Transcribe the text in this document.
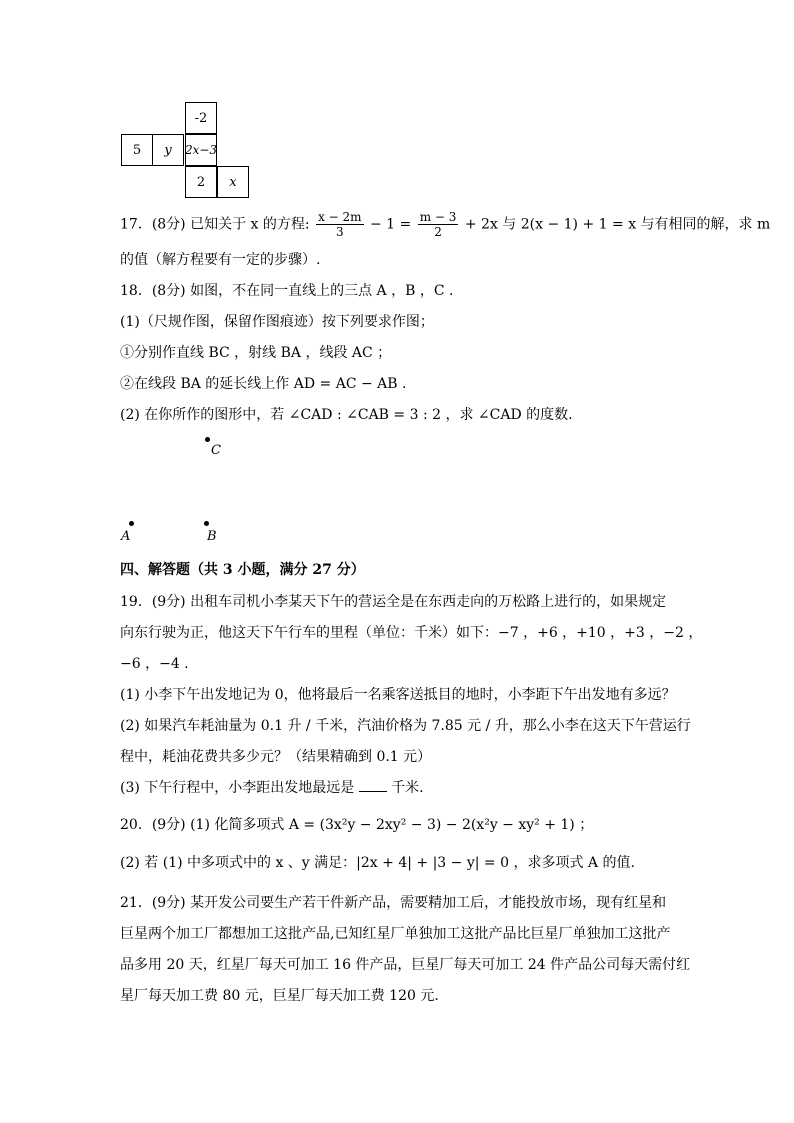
-2
5	y	2x−3
2	x
17．(8分) 已知关于 x 的方程: $\frac{x - 2m}{3} - 1 = \frac{m - 3}{2} + 2x$ 与 2(x − 1) + 1 = x 与有相同的解，求 m
的值（解方程要有一定的步骤）.
18．(8分) 如图，不在同一直线上的三点 A ，B ，C .
(1)（尺规作图，保留作图痕迹）按下列要求作图；
①分别作直线 BC ，射线 BA ，线段 AC ；
②在线段 BA 的延长线上作 AD = AC − AB .
(2) 在你所作的图形中，若 ∠CAD : ∠CAB = 3 : 2 ，求 ∠CAD 的度数.
C
A	B
四、解答题（共 3 小题，满分 27 分）
19．(9分) 出租车司机小李某天下午的营运全是在东西走向的万松路上进行的，如果规定
向东行驶为正，他这天下午行车的里程（单位：千米）如下：−7 ，+6 ，+10 ，+3 ，−2 ，
−6 ，−4 .
(1) 小李下午出发地记为 0，他将最后一名乘客送抵目的地时，小李距下午出发地有多远？
(2) 如果汽车耗油量为 0.1 升 / 千米，汽油价格为 7.85 元 / 升，那么小李在这天下午营运行
程中，耗油花费共多少元？（结果精确到 0.1 元）
(3) 下午行程中，小李距出发地最远是	千米.
20．(9分) (1) 化简多项式 A = (3x²y − 2xy² − 3) − 2(x²y − xy² + 1) ；
(2) 若 (1) 中多项式中的 x 、y 满足：|2x + 4| + |3 − y| = 0 ，求多项式 A 的值.
21．(9分) 某开发公司要生产若干件新产品，需要精加工后，才能投放市场，现有红星和
巨星两个加工厂都想加工这批产品,已知红星厂单独加工这批产品比巨星厂单独加工这批产
品多用 20 天，红星厂每天可加工 16 件产品，巨星厂每天可加工 24 件产品公司每天需付红
星厂每天加工费 80 元，巨星厂每天加工费 120 元.
